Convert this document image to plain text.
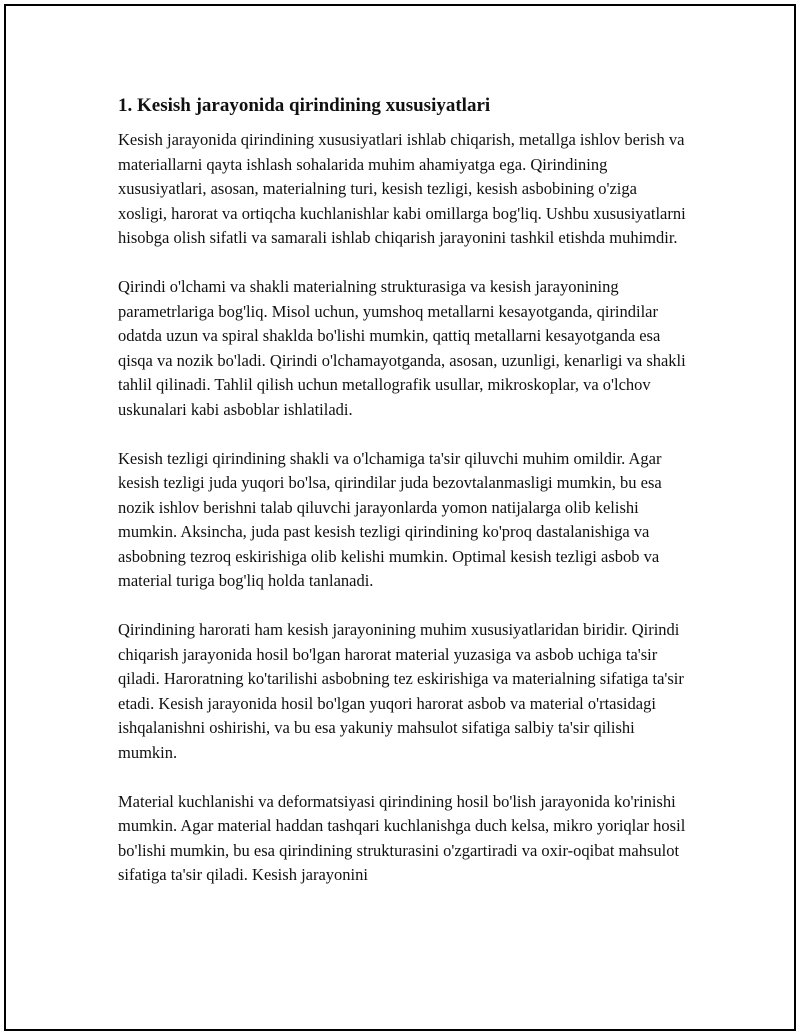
1. Kesish jarayonida qirindining xususiyatlari

Kesish jarayonida qirindining xususiyatlari ishlab chiqarish, metallga ishlov berish va materiallarni qayta ishlash sohalarida muhim ahamiyatga ega. Qirindining xususiyatlari, asosan, materialning turi, kesish tezligi, kesish asbobining o'ziga xosligi, harorat va ortiqcha kuchlanishlar kabi omillarga bog'liq. Ushbu xususiyatlarni hisobga olish sifatli va samarali ishlab chiqarish jarayonini tashkil etishda muhimdir.

Qirindi o'lchami va shakli materialning strukturasiga va kesish jarayonining parametrlariga bog'liq. Misol uchun, yumshoq metallarni kesayotganda, qirindilar odatda uzun va spiral shaklda bo'lishi mumkin, qattiq metallarni kesayotganda esa qisqa va nozik bo'ladi. Qirindi o'lchamayotganda, asosan, uzunligi, kenarligi va shakli tahlil qilinadi. Tahlil qilish uchun metallografik usullar, mikroskoplar, va o'lchov uskunalari kabi asboblar ishlatiladi.

Kesish tezligi qirindining shakli va o'lchamiga ta'sir qiluvchi muhim omildir. Agar kesish tezligi juda yuqori bo'lsa, qirindilar juda bezovtalanmasligi mumkin, bu esa nozik ishlov berishni talab qiluvchi jarayonlarda yomon natijalarga olib kelishi mumkin. Aksincha, juda past kesish tezligi qirindining ko'proq dastalanishiga va asbobning tezroq eskirishiga olib kelishi mumkin. Optimal kesish tezligi asbob va material turiga bog'liq holda tanlanadi.

Qirindining harorati ham kesish jarayonining muhim xususiyatlaridan biridir. Qirindi chiqarish jarayonida hosil bo'lgan harorat material yuzasiga va asbob uchiga ta'sir qiladi. Haroratning ko'tarilishi asbobning tez eskirishiga va materialning sifatiga ta'sir etadi. Kesish jarayonida hosil bo'lgan yuqori harorat asbob va material o'rtasidagi ishqalanishni oshirishi, va bu esa yakuniy mahsulot sifatiga salbiy ta'sir qilishi mumkin.

Material kuchlanishi va deformatsiyasi qirindining hosil bo'lish jarayonida ko'rinishi mumkin. Agar material haddan tashqari kuchlanishga duch kelsa, mikro yoriqlar hosil bo'lishi mumkin, bu esa qirindining strukturasini o'zgartiradi va oxir-oqibat mahsulot sifatiga ta'sir qiladi. Kesish jarayonini
